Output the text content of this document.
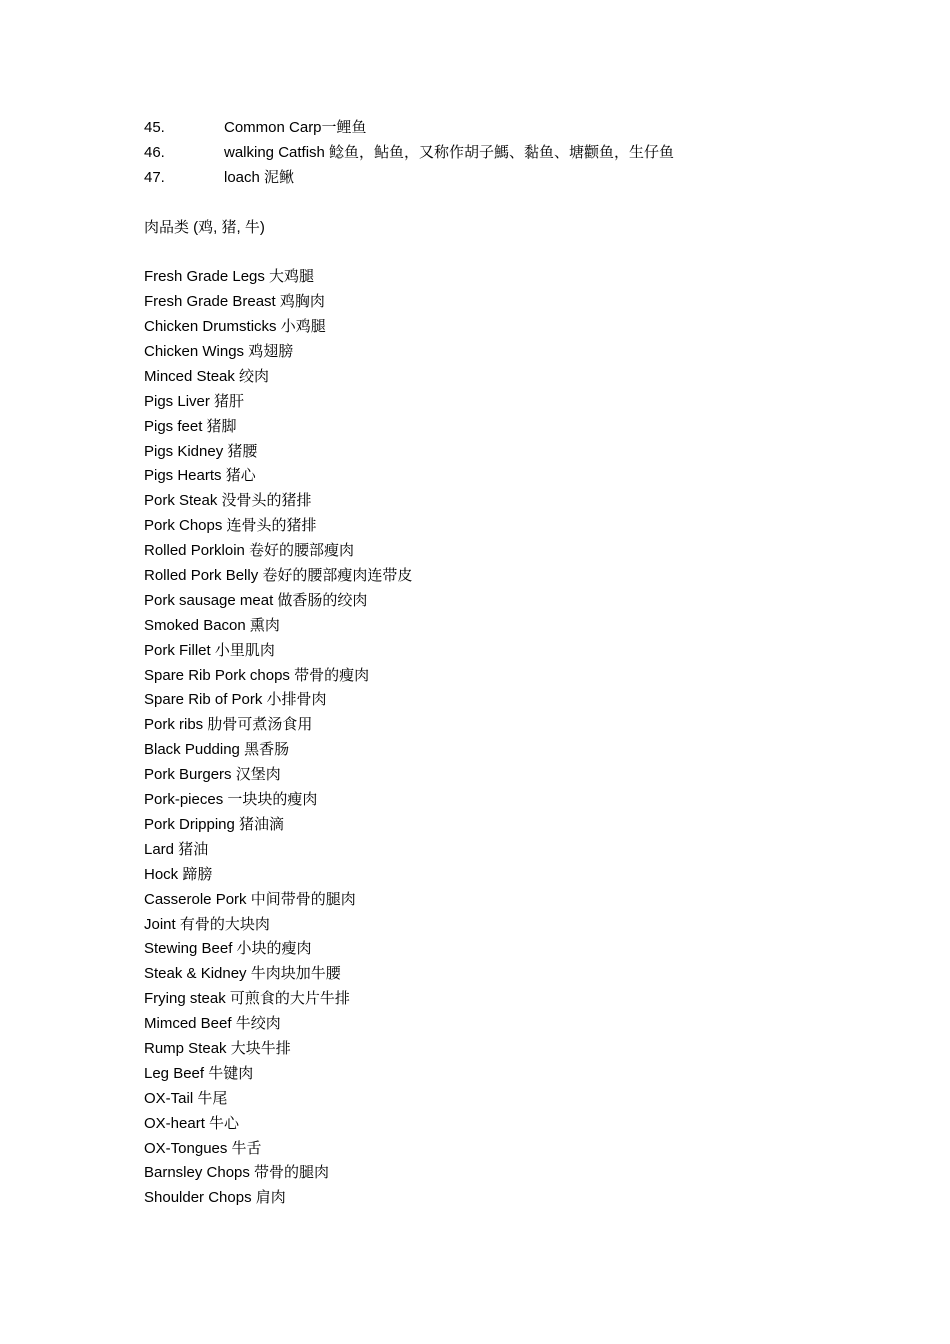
45.	Common Carp一鲤鱼
46.	walking Catfish 鲶鱼，鲇鱼，又称作胡子鰢、黏鱼、塘颧鱼，生仔鱼
47.	loach 泥鳅
肉品类 (鸡, 猪, 牛)
Fresh Grade Legs 大鸡腿
Fresh Grade Breast 鸡胸肉
Chicken Drumsticks 小鸡腿
Chicken Wings 鸡翅膀
Minced Steak 绞肉
Pigs Liver 猪肝
Pigs feet 猪脚
Pigs Kidney 猪腰
Pigs Hearts 猪心
Pork Steak 没骨头的猪排
Pork Chops 连骨头的猪排
Rolled Porkloin 卷好的腰部瘦肉
Rolled Pork Belly 卷好的腰部瘦肉连带皮
Pork sausage meat 做香肠的绞肉
Smoked Bacon 熏肉
Pork Fillet 小里肌肉
Spare Rib Pork chops 带骨的瘦肉
Spare Rib of Pork 小排骨肉
Pork ribs 肋骨可煮汤食用
Black Pudding 黑香肠
Pork Burgers 汉堡肉
Pork-pieces 一块块的瘦肉
Pork Dripping 猪油滴
Lard 猪油
Hock 蹄膀
Casserole Pork 中间带骨的腿肉
Joint 有骨的大块肉
Stewing Beef 小块的瘦肉
Steak & Kidney 牛肉块加牛腰
Frying steak 可煎食的大片牛排
Mimced Beef 牛绞肉
Rump Steak 大块牛排
Leg Beef 牛键肉
OX-Tail 牛尾
OX-heart 牛心
OX-Tongues 牛舌
Barnsley Chops 带骨的腿肉
Shoulder Chops 肩肉
